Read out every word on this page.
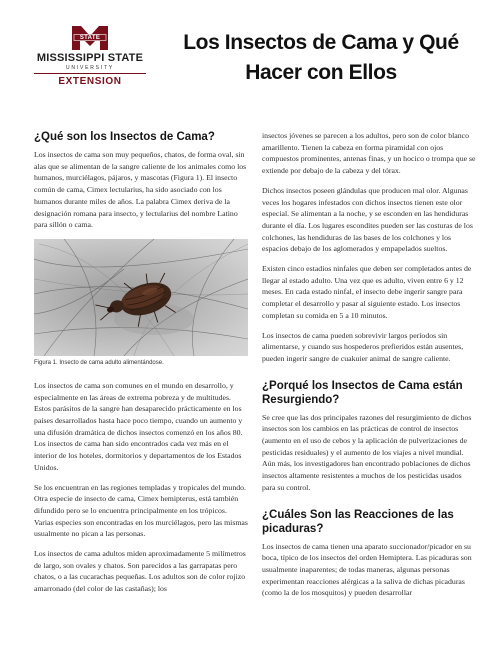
STATE
MISSISSIPPI STATE
UNIVERSITY
EXTENSION
Los Insectos de Cama y Qué Hacer con Ellos
¿Qué son los Insectos de Cama?

Los insectos de cama son muy pequeños, chatos, de forma oval, sin alas que se alimentan de la sangre caliente de los animales como los humanos, murciélagos, pájaros, y mascotas (Figura 1). El insecto común de cama, Cimex lectularius, ha sido asociado con los humanos durante miles de años. La palabra Cimex deriva de la designación romana para insecto, y lectularius del nombre Latino para sillón o cama.

Figura 1. Insecto de cama adulto alimentándose.

Los insectos de cama son comunes en el mundo en desarrollo, y especialmente en las áreas de extrema pobreza y de multitudes. Estos parásitos de la sangre han desaparecido prácticamente en los países desarrollados hasta hace poco tiempo, cuando un aumento y una difusión dramática de dichos insectos comenzó en los años 80. Los insectos de cama han sido encontrados cada vez más en el interior de los hoteles, dormitorios y departamentos de los Estados Unidos.

Se los encuentran en las regiones templadas y tropicales del mundo. Otra especie de insecto de cama, Cimex hemipterus, está también difundido pero se lo encuentra principalmente en los trópicos. Varias especies son encontradas en los murciélagos, pero las mismas usualmente no pican a las personas.

Los insectos de cama adultos miden aproximadamente 5 milímetros de largo, son ovales y chatos. Son parecidos a las garrapatas pero chatos, o a las cucarachas pequeñas. Los adultos son de color rojizo amarronado (del color de las castañas); los

insectos jóvenes se parecen a los adultos, pero son de color blanco amarillento. Tienen la cabeza en forma piramidal con ojos compuestos prominentes, antenas finas, y un hocico o trompa que se extiende por debajo de la cabeza y del tórax.

Dichos insectos poseen glándulas que producen mal olor. Algunas veces los hogares infestados con dichos insectos tienen este olor especial. Se alimentan a la noche, y se esconden en las hendiduras durante el día. Los lugares escondites pueden ser las costuras de los colchones, las hendiduras de las bases de los colchones y los espacios debajo de los aglomerados y empapelados sueltos.

Existen cinco estadios ninfales que deben ser completados antes de llegar al estado adulto. Una vez que es adulto, viven entre 6 y 12 meses. En cada estado ninfal, el insecto debe ingerir sangre para completar el desarrollo y pasar al siguiente estado. Los insectos completan su comida en 5 a 10 minutos.

Los insectos de cama pueden sobrevivir largos períodos sin alimentarse, y cuando sus hospederos prefieridos están ausentes, pueden ingerir sangre de cuakuier animal de sangre caliente.

¿Porqué los Insectos de Cama están Resurgiendo?

Se cree que las dos principales razones del resurgimiento de dichos insectos son los cambios en las prácticas de control de insectos (aumento en el uso de cebos y la aplicación de pulverizaciones de pesticidas residuales) y el aumento de los viajes a nivel mundial. Aún más, los investigadores han encontrado poblaciones de dichos insectos altamente resistentes a muchos de los pesticidas usados para su control.

¿Cuáles Son las Reacciones de las picaduras?

Los insectos de cama tienen una aparato succionador/picador en su boca, típico de los insectos del orden Hemiptera. Las picaduras son usualmente inaparentes; de todas maneras, algunas personas experimentan reacciones alérgicas a la saliva de dichas picaduras (como la de los mosquitos) y pueden desarrollar
